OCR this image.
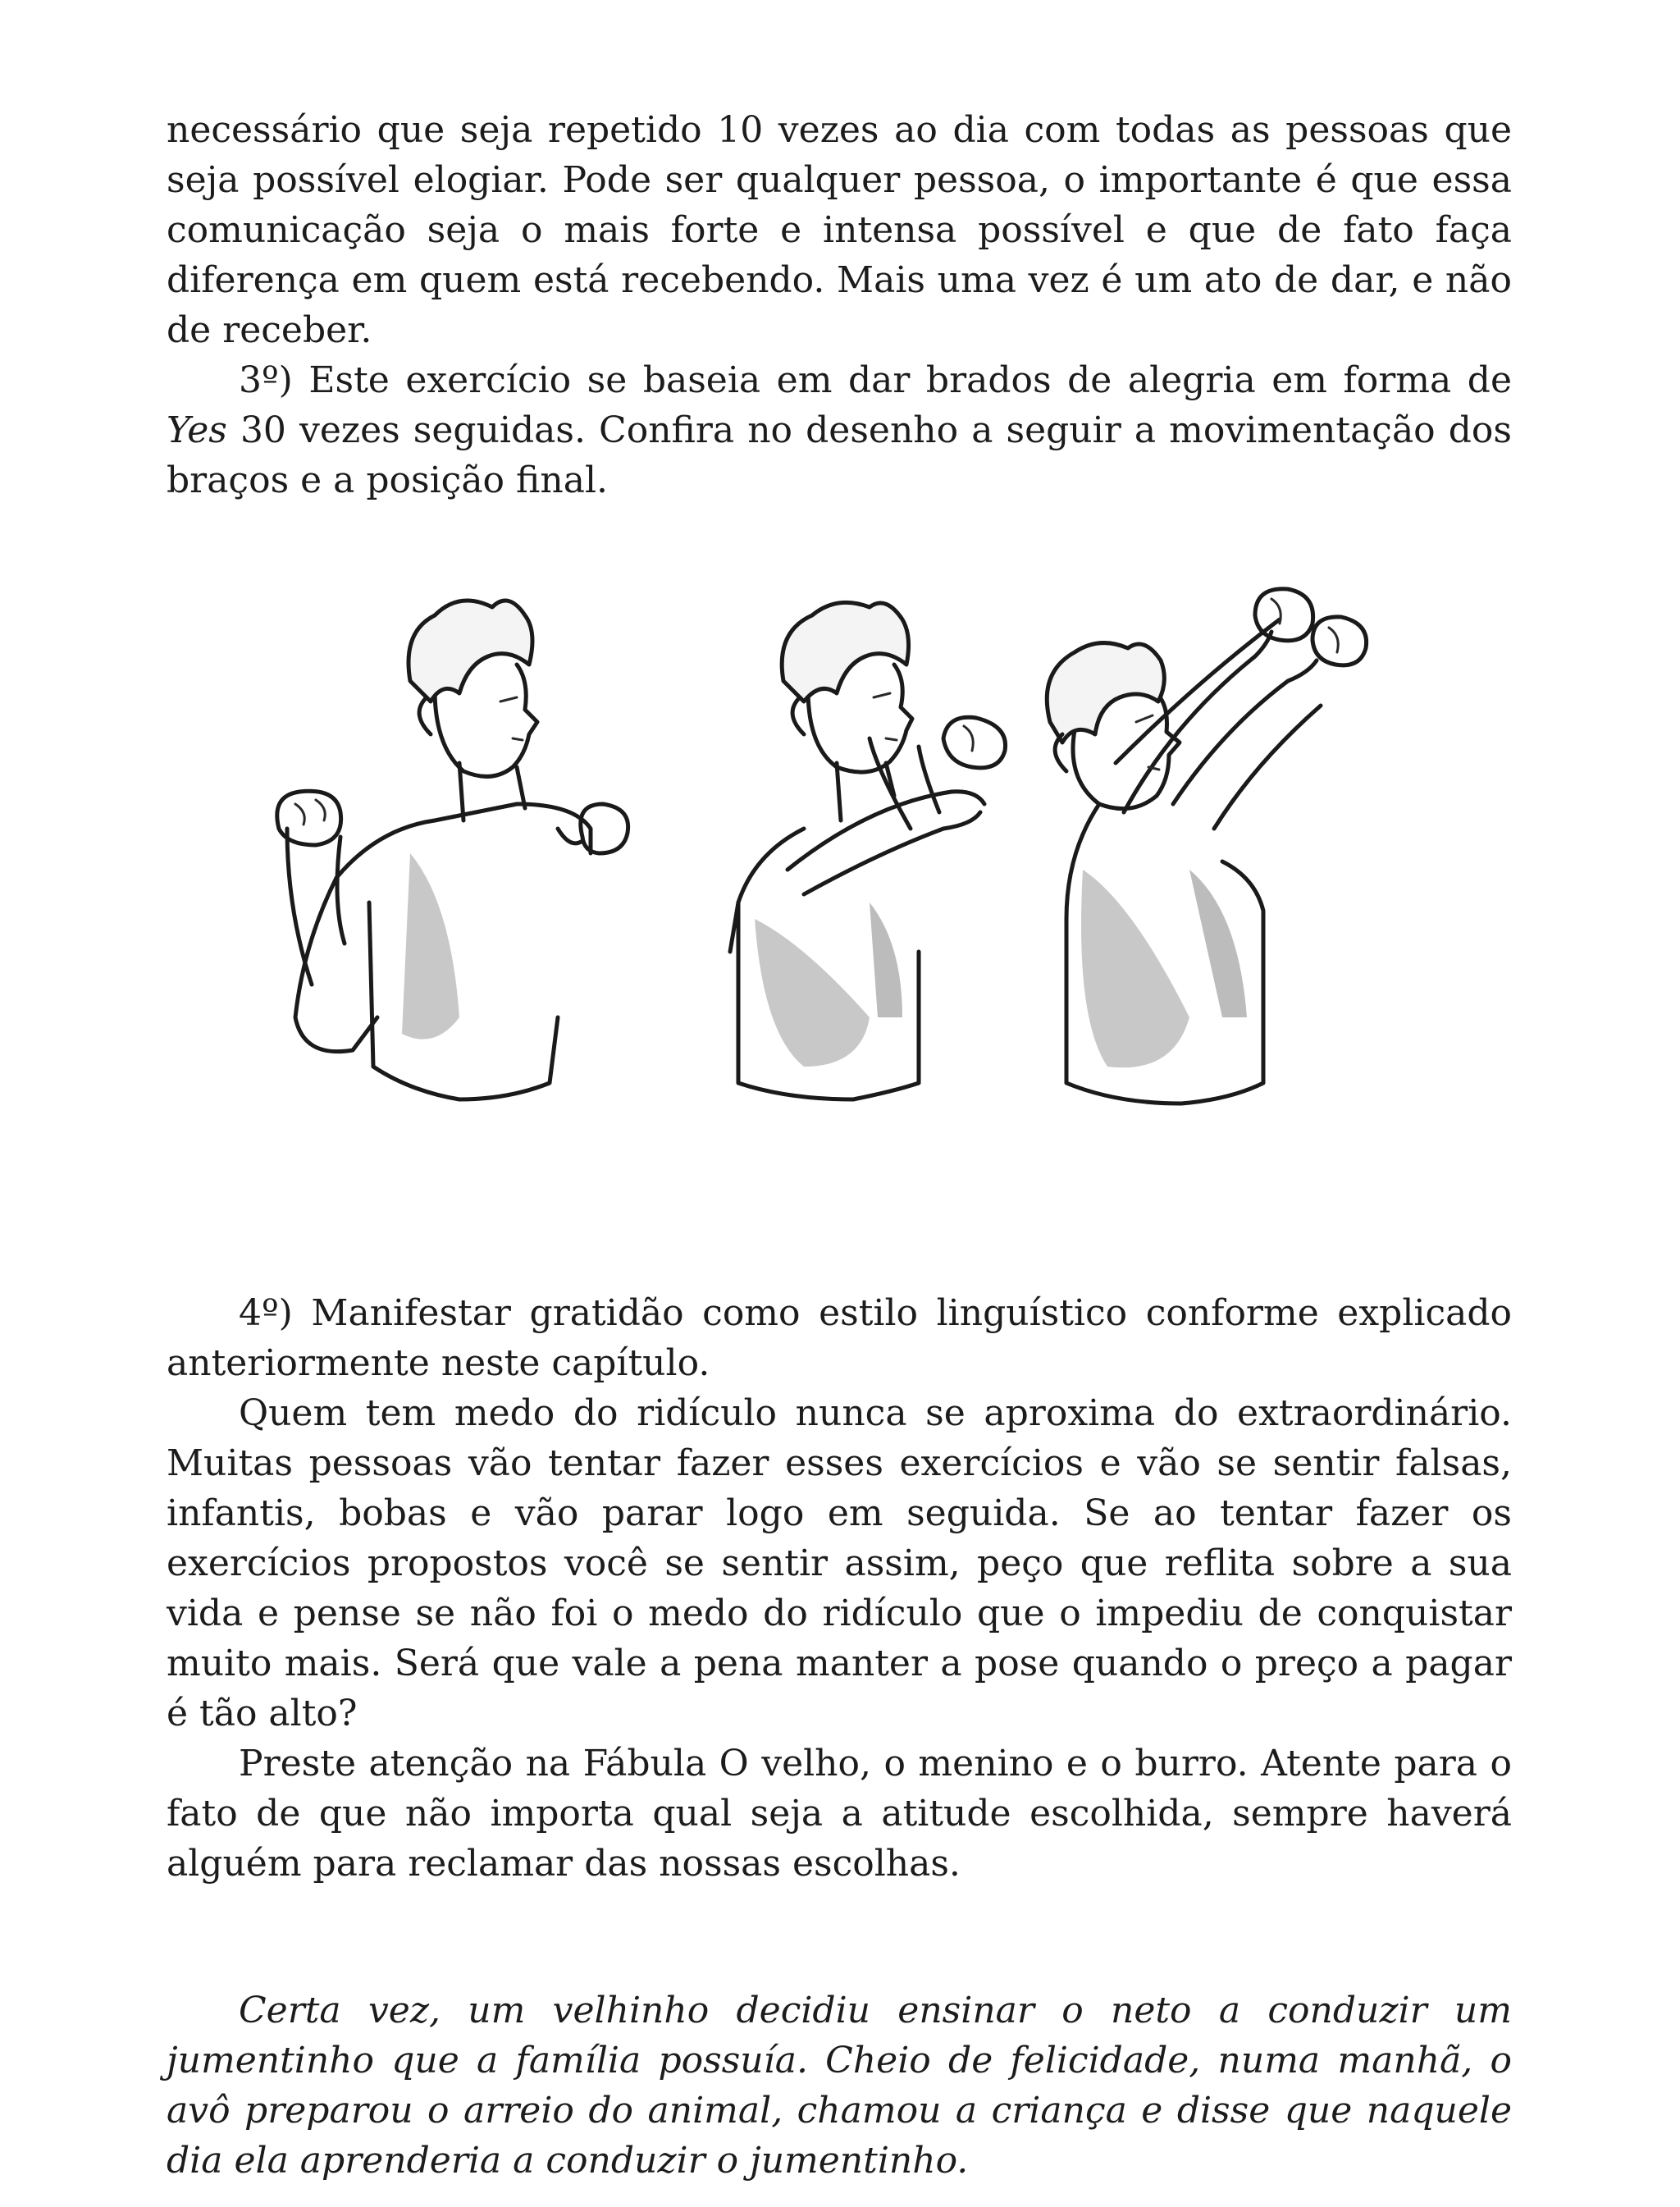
necessário que seja repetido 10 vezes ao dia com todas as pessoas que seja possível elogiar. Pode ser qualquer pessoa, o importante é que essa comunicação seja o mais forte e intensa possível e que de fato faça diferença em quem está recebendo. Mais uma vez é um ato de dar, e não de receber.

3º) Este exercício se baseia em dar brados de alegria em forma de Yes 30 vezes seguidas. Confira no desenho a seguir a movimentação dos braços e a posição final.

4º) Manifestar gratidão como estilo linguístico conforme explicado anteriormente neste capítulo.

Quem tem medo do ridículo nunca se aproxima do extraordinário. Muitas pessoas vão tentar fazer esses exercícios e vão se sentir falsas, infantis, bobas e vão parar logo em seguida. Se ao tentar fazer os exercícios propostos você se sentir assim, peço que reflita sobre a sua vida e pense se não foi o medo do ridículo que o impediu de conquistar muito mais. Será que vale a pena manter a pose quando o preço a pagar é tão alto?

Preste atenção na Fábula O velho, o menino e o burro. Atente para o fato de que não importa qual seja a atitude escolhida, sempre haverá alguém para reclamar das nossas escolhas.

Certa vez, um velhinho decidiu ensinar o neto a conduzir um jumentinho que a família possuía. Cheio de felicidade, numa manhã, o avô preparou o arreio do animal, chamou a criança e disse que naquele dia ela aprenderia a conduzir o jumentinho.
